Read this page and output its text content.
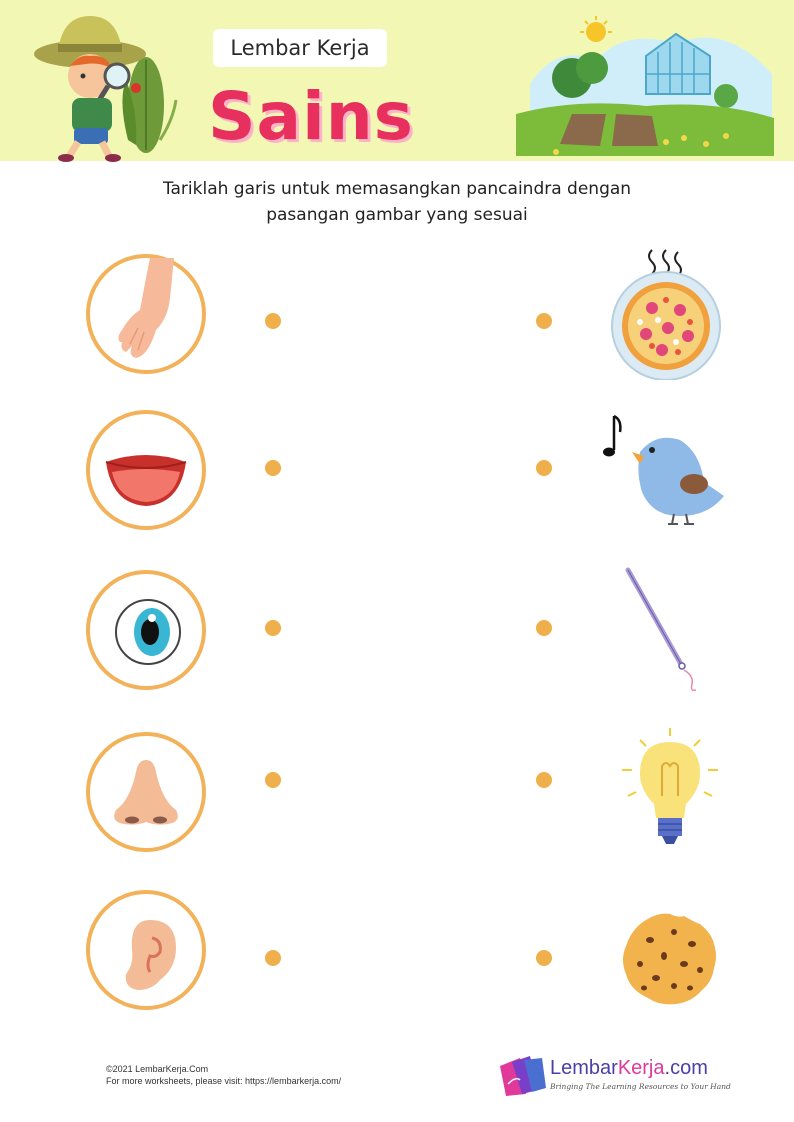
Lembar Kerja
Sains
Tariklah garis untuk memasangkan pancaindra dengan
pasangan gambar yang sesuai
©2021 LembarKerja.Com
For more worksheets, please visit: https://lembarkerja.com/
LembarKerja.com
Bringing The Learning Resources to Your Hand
